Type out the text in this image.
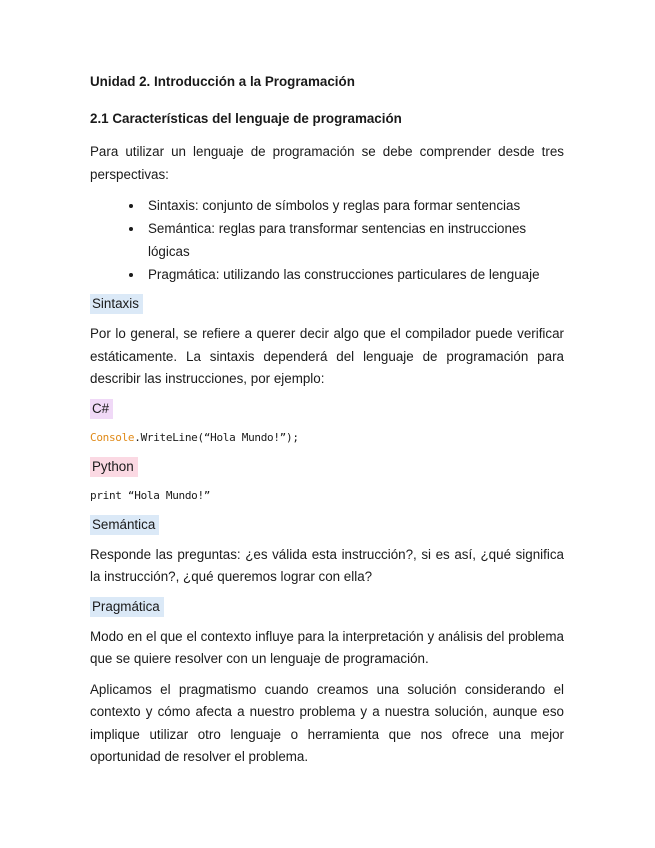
Unidad 2. Introducción a la Programación
2.1 Características del lenguaje de programación

Para utilizar un lenguaje de programación se debe comprender desde tres perspectivas:

Sintaxis: conjunto de símbolos y reglas para formar sentencias
Semántica: reglas para transformar sentencias en instrucciones lógicas
Pragmática: utilizando las construcciones particulares de lenguaje
Sintaxis

Por lo general, se refiere a querer decir algo que el compilador puede verificar estáticamente. La sintaxis dependerá del lenguaje de programación para describir las instrucciones, por ejemplo:

C#
Console.WriteLine(“Hola Mundo!”);
Python
print “Hola Mundo!”
Semántica

Responde las preguntas: ¿es válida esta instrucción?, si es así, ¿qué significa la instrucción?, ¿qué queremos lograr con ella?

Pragmática

Modo en el que el contexto influye para la interpretación y análisis del problema que se quiere resolver con un lenguaje de programación.

Aplicamos el pragmatismo cuando creamos una solución considerando el contexto y cómo afecta a nuestro problema y a nuestra solución, aunque eso implique utilizar otro lenguaje o herramienta que nos ofrece una mejor oportunidad de resolver el problema.
